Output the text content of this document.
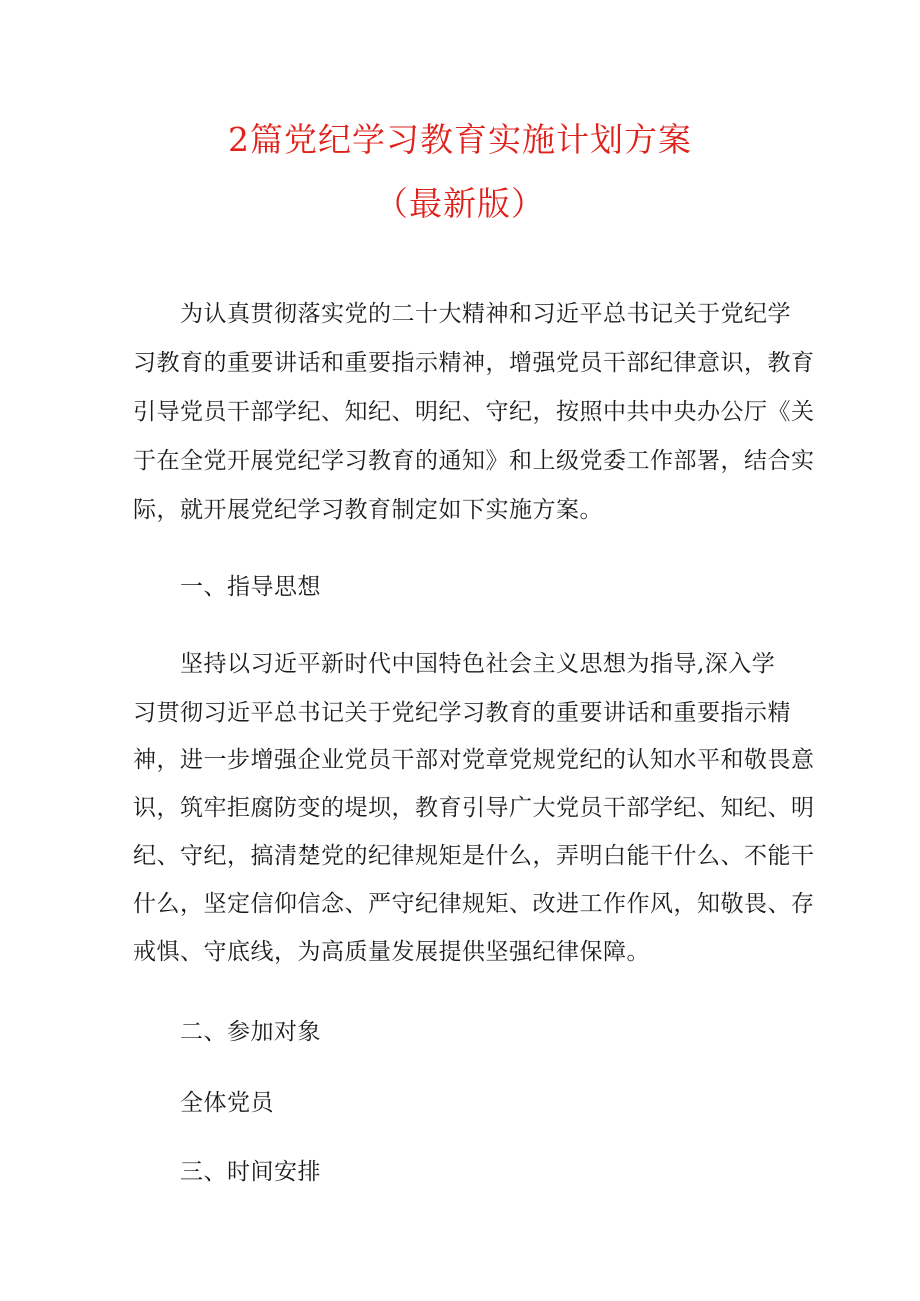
2篇党纪学习教育实施计划方案
（最新版）
为认真贯彻落实党的二十大精神和习近平总书记关于党纪学
习教育的重要讲话和重要指示精神，增强党员干部纪律意识，教育
引导党员干部学纪、知纪、明纪、守纪，按照中共中央办公厅《关
于在全党开展党纪学习教育的通知》和上级党委工作部署，结合实
际，就开展党纪学习教育制定如下实施方案。
一、指导思想
坚持以习近平新时代中国特色社会主义思想为指导,深入学
习贯彻习近平总书记关于党纪学习教育的重要讲话和重要指示精
神，进一步增强企业党员干部对党章党规党纪的认知水平和敬畏意
识，筑牢拒腐防变的堤坝，教育引导广大党员干部学纪、知纪、明
纪、守纪，搞清楚党的纪律规矩是什么，弄明白能干什么、不能干
什么，坚定信仰信念、严守纪律规矩、改进工作作风，知敬畏、存
戒惧、守底线，为高质量发展提供坚强纪律保障。
二、参加对象
全体党员
三、时间安排
